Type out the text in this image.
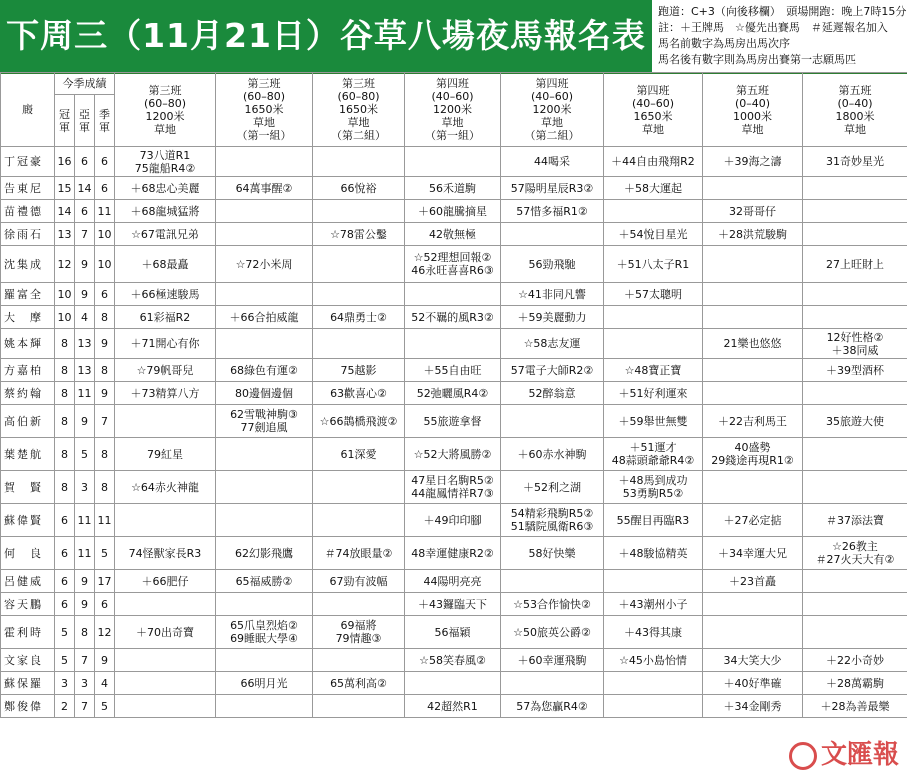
下周三（11月21日）谷草八場夜馬報名表
跑道：C+3（向後移欄）　頭場開跑：晚上7時15分
註：＋王牌馬　☆優先出賽馬　＃延遲報名加入
馬名前數字為馬房出馬次序
馬名後有數字則為馬房出賽第一志願馬匹
廄	今季成績			第三班
(60–80)
1200米
草地	第三班
(60–80)
1650米
草地
（第一組）	第三班
(60–80)
1650米
草地
（第二組）	第四班
(40–60)
1200米
草地
（第一組）	第四班
(40–60)
1200米
草地
（第二組）	第四班
(40–60)
1650米
草地	第五班
(0–40)
1000米
草地	第五班
(0–40)
1800米
草地

	冠
軍	亞
軍	季
軍								
丁冠豪	16	6	6	73八道R1
75龍船R4②				44喝采	＋44自由飛翔R2	＋39海之濤	31奇妙星光

告東尼	15	14	6	＋68忠心美麗	64萬事醒②	66悅裕	56禾道駒	57陽明星辰R3②	＋58大運起		

苗禮德	14	6	11	＋68龍城猛將			＋60龍騰摘星	57惜多福R1②		32哥哥仔	

徐雨石	13	7	10	☆67電訊兄弟		☆78雷公鑿	42敬無極		＋54悅目星光	＋28洪荒駿駒	

沈集成	12	9	10	＋68最矗	☆72小米周		☆52理想回報②
46永旺喜喜R6③	56勁飛馳	＋51八太子R1		27上旺財上

羅富全	10	9	6	＋66極速駿馬				☆41非同凡響	＋57太聰明		

大　摩	10	4	8	61彩福R2	＋66合拍威龍	64鼎勇士②	52不羈的風R3②	＋59美麗動力			

姚本輝	8	13	9	＋71開心有你				☆58志友運		21樂也悠悠	12好性格②
＋38同威

方嘉柏	8	13	8	☆79帆哥兒	68綠色有運②	75越影	＋55自由旺	57電子大師R2②	☆48寶正寶		＋39型酒杯

蔡約翰	8	11	9	＋73精算八方	80邊個邊個	63歡喜心②	52弛曬風R4②	52醉翁意	＋51好利運來		

高伯新	8	9	7		62雪戰神駒③
77劍追風	☆66鵲橋飛渡②	55旅遊拿督		＋59舉世無雙	＋22吉利馬王	35旅遊大使

葉楚航	8	5	8	79紅星		61深愛	☆52大將風勝②	＋60赤水神駒	＋51運才
48蒜頭爺爺R4②	40盛勢
29錢途再現R1②	

賀　賢	8	3	8	☆64赤火神龍			47星日名駒R5②
44龍鳳情祥R7③	＋52利之湖	＋48馬到成功
53勇駒R5②		

蘇偉賢	6	11	11				＋49印印腳	54精彩飛駒R5②
51驕院風衛R6③	55醒目再臨R3	＋27必定掂	＃37添法寶

何　良	6	11	5	74怪獸家長R3	62幻影飛鷹	＃74放眼量②	48幸運健康R2②	58好快樂	＋48駿協精英	＋34幸運大兄	☆26教主
＃27火天大有②

呂健威	6	9	17	＋66肥仔	65福威勝②	67勁有波幅	44陽明亮亮			＋23首矗	

容天鵬	6	9	6				＋43鑼臨天下	☆53合作愉快②	＋43潮州小子		

霍利時	5	8	12	＋70出奇寶	65爪皇烈焰②
69睡眠大學④	69福將
79情趣③	56福穎	☆50旅英公爵②	＋43得其康		

文家良	5	7	9				☆58笑春風②	＋60幸運飛駒	☆45小島怡情	34大笑大少	＋22小奇妙

蘇保羅	3	3	4		66明月光	65萬利高②				＋40好準確	＋28萬霸駒

鄭俊偉	2	7	5				42超然R1	57為您贏R4②		＋34金剛秀	＋28為善最樂
文匯報
